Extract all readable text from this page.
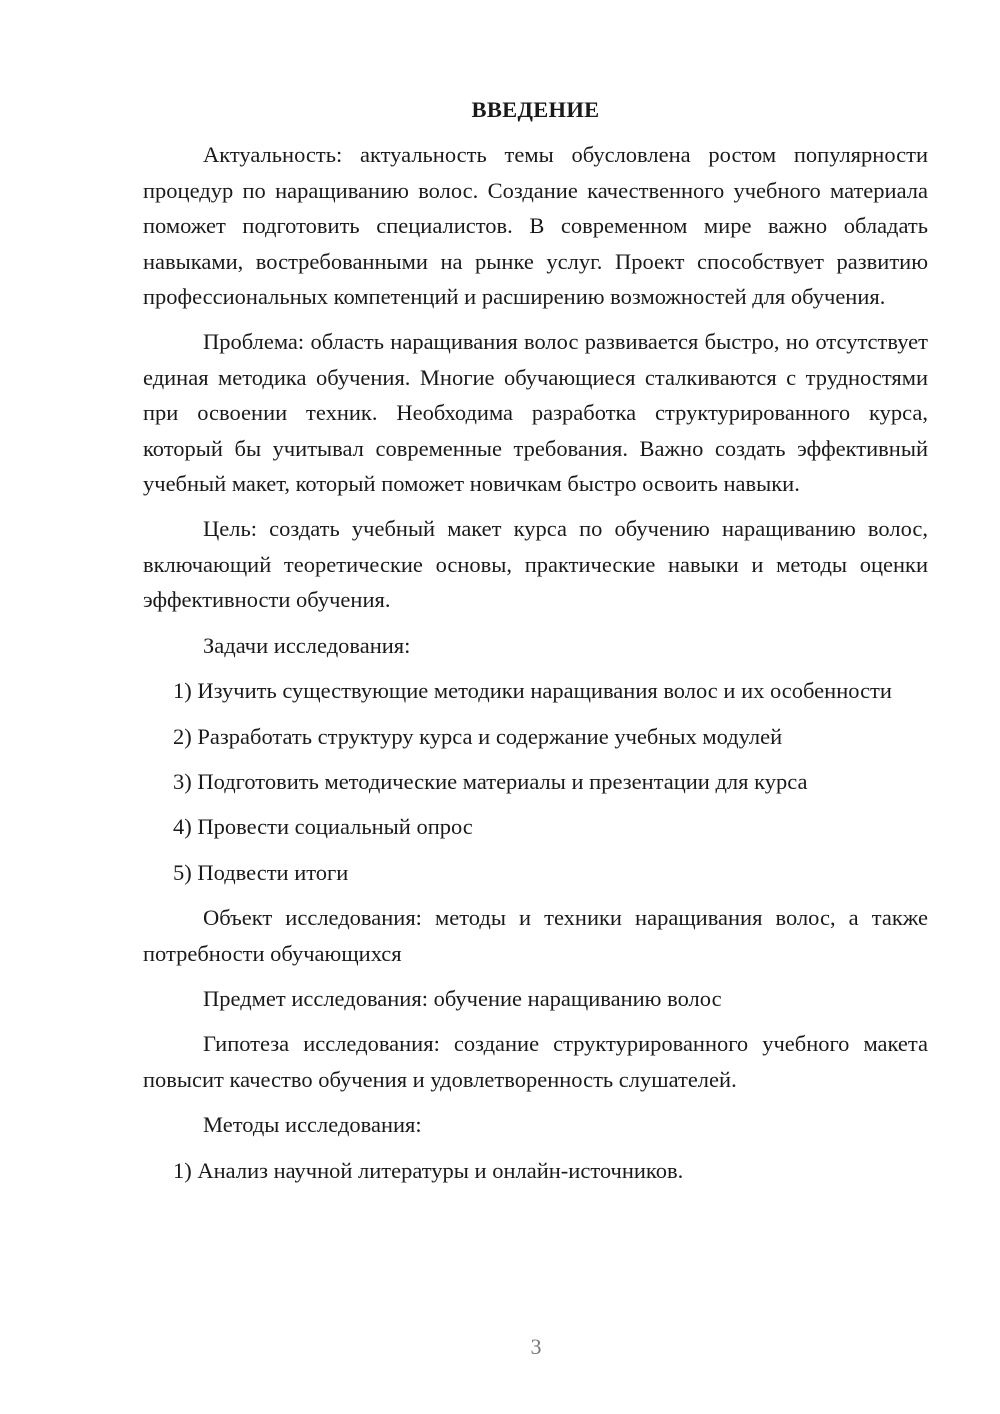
ВВЕДЕНИЕ

Актуальность: актуальность темы обусловлена ростом популярности процедур по наращиванию волос. Создание качественного учебного материала поможет подготовить специалистов. В современном мире важно обладать навыками, востребованными на рынке услуг. Проект способствует развитию профессиональных компетенций и расширению возможностей для обучения.

Проблема: область наращивания волос развивается быстро, но отсутствует единая методика обучения. Многие обучающиеся сталкиваются с трудностями при освоении техник. Необходима разработка структурированного курса, который бы учитывал современные требования. Важно создать эффективный учебный макет, который поможет новичкам быстро освоить навыки.

Цель: создать учебный макет курса по обучению наращиванию волос, включающий теоретические основы, практические навыки и методы оценки эффективности обучения.

Задачи исследования:

1) Изучить существующие методики наращивания волос и их особенности

2) Разработать структуру курса и содержание учебных модулей

3) Подготовить методические материалы и презентации для курса

4) Провести социальный опрос

5) Подвести итоги

Объект исследования: методы и техники наращивания волос, а также потребности обучающихся

Предмет исследования: обучение наращиванию волос

Гипотеза исследования: создание структурированного учебного макета повысит качество обучения и удовлетворенность слушателей.

Методы исследования:

1) Анализ научной литературы и онлайн-источников.

3
